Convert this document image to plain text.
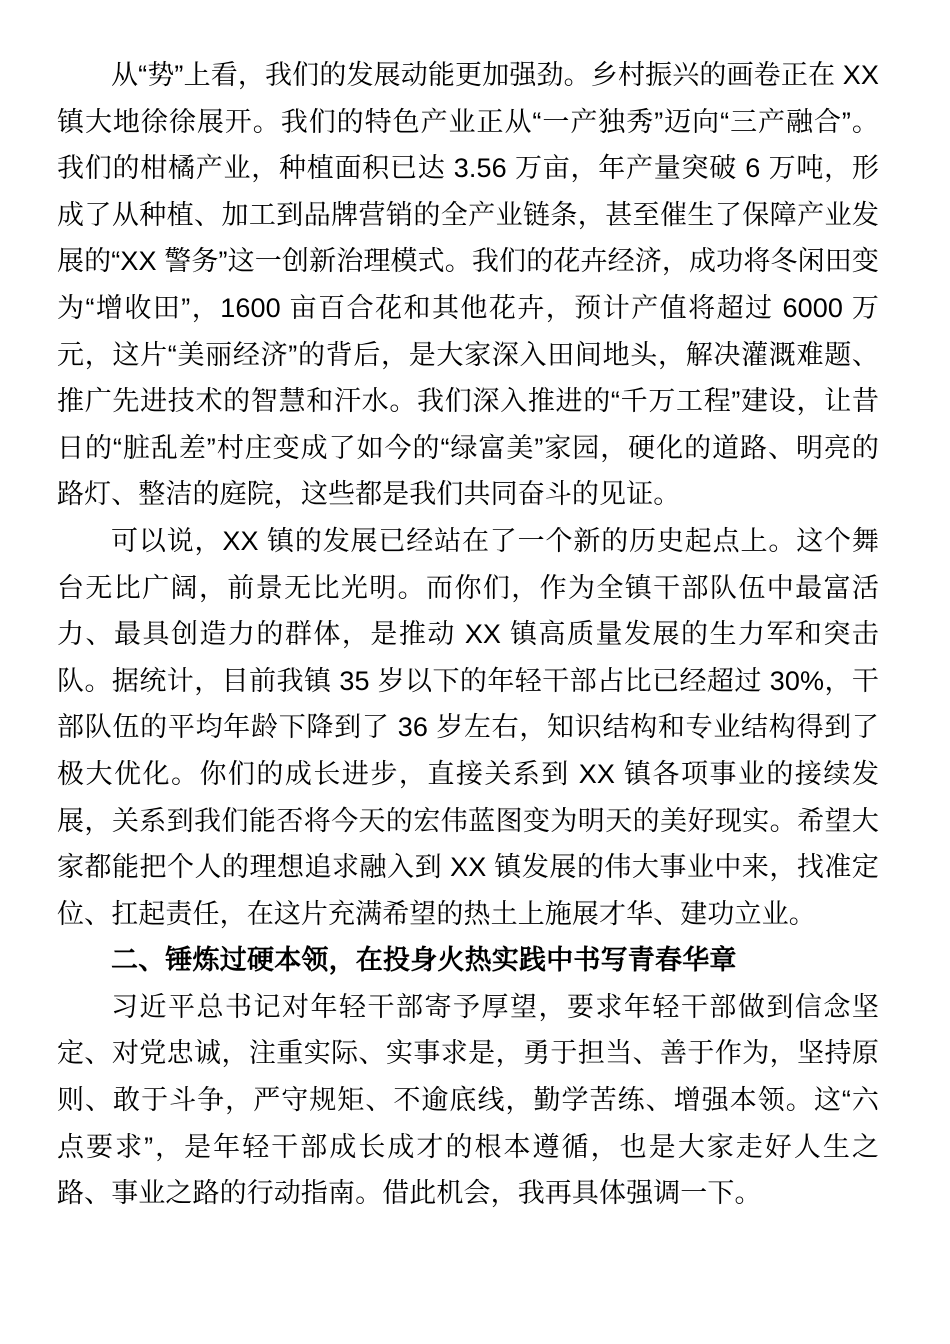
从“势”上看，我们的发展动能更加强劲。乡村振兴的画卷正在 XX 镇大地徐徐展开。我们的特色产业正从“一产独秀”迈向“三产融合”。我们的柑橘产业，种植面积已达 3.56 万亩，年产量突破 6 万吨，形成了从种植、加工到品牌营销的全产业链条，甚至催生了保障产业发展的“XX 警务”这一创新治理模式。我们的花卉经济，成功将冬闲田变为“增收田”，1600 亩百合花和其他花卉，预计产值将超过 6000 万元，这片“美丽经济”的背后，是大家深入田间地头，解决灌溉难题、推广先进技术的智慧和汗水。我们深入推进的“千万工程”建设，让昔日的“脏乱差”村庄变成了如今的“绿富美”家园，硬化的道路、明亮的路灯、整洁的庭院，这些都是我们共同奋斗的见证。

可以说，XX 镇的发展已经站在了一个新的历史起点上。这个舞台无比广阔，前景无比光明。而你们，作为全镇干部队伍中最富活力、最具创造力的群体，是推动 XX 镇高质量发展的生力军和突击队。据统计，目前我镇 35 岁以下的年轻干部占比已经超过 30%，干部队伍的平均年龄下降到了 36 岁左右，知识结构和专业结构得到了极大优化。你们的成长进步，直接关系到 XX 镇各项事业的接续发展，关系到我们能否将今天的宏伟蓝图变为明天的美好现实。希望大家都能把个人的理想追求融入到 XX 镇发展的伟大事业中来，找准定位、扛起责任，在这片充满希望的热土上施展才华、建功立业。

二、锤炼过硬本领，在投身火热实践中书写青春华章

习近平总书记对年轻干部寄予厚望，要求年轻干部做到信念坚定、对党忠诚，注重实际、实事求是，勇于担当、善于作为，坚持原则、敢于斗争，严守规矩、不逾底线，勤学苦练、增强本领。这“六点要求”，是年轻干部成长成才的根本遵循，也是大家走好人生之路、事业之路的行动指南。借此机会，我再具体强调一下。
